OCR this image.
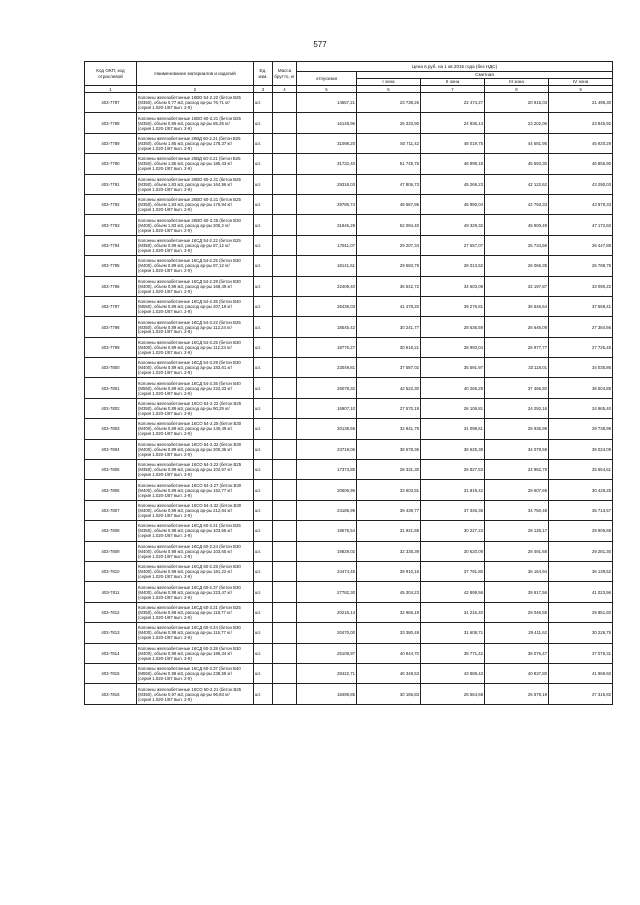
577
Код ОКП, код отраслевой	Наименование материалов и изделий	Ед. изм.	Масса брутто, кг	Цена в руб. на 1 кв 2015 года (без НДС)				
				отпускная	Сметная			
					I зона	II зона	III зона	IV зона
1	2	3	4	5	6	7	8	9
403-7787	Колонны железобетонные 1КВО 54-2.22 (бетон В25
(М350), объем 0,77 м3, расход ар-ры 76,71 кг/
(серия 1.020-1/87 вып. 2-9)	шт.		14557,21	23 738,26	22 474,27	20 915,03	21 495,30
403-7788	Колонны железобетонные 1КВО 60-2.21 (бетон В25
(М350), объем 0,86 м3, расход ар-ры 85,25 кг/
(серия 1.020-1/87 вып. 2-9)	шт.		16148,96	26 333,90	24 936,14	23 202,06	23 845,92
403-7789	Колонны железобетонные 2КВД 60-2.21 (бетон В25
(М350), объем 1,85 м3, расход ар-ры 178,37 кг/
(серия 1.020-1/87 вып. 2-9)	шт.		31098,20	50 711,42	48 019,75	44 681,95	45 920,29
403-7790	Колонны железобетонные 2КВД 60-3.21 (бетон В25
(М350), объем 1,85 м3, расход ар-ры 185,43 кг/
(серия 1.020-1/87 вып. 2-9)	шт.		31732,40	51 745,75	48 999,18	45 593,30	46 856,90
403-7791	Колонны железобетонные 2КВО 60-2.21 (бетон В25
(М350), объем 1,83 м3, расход ар-ры 164,96 кг/
(серия 1.020-1/87 вып. 2-9)	шт.		29318,03	47 806,73	45 269,23	42 122,62	43 290,03
403-7792	Колонны железобетонные 2КВО 60-3.21 (бетон В25
(М350), объем 1,83 м3, расход ар-ры 176,94 кг/
(серия 1.020-1/87 вып. 2-9)	шт.		29785,74	48 567,95	45 990,04	42 793,33	43 979,33
403-7793	Колонны железобетонные 2КВО 60-3.25 (бетон В30
(М400), объем 1,83 м3, расход ар-ры 205,2 кг/
(серия 1.020-1/87 вып. 2-9)	шт.		31946,29	52 094,40	49 329,32	45 900,49	47 172,60
403-7794	Колонны железобетонные 1КСД 54-2.22 (бетон В25
(М350), объем 0,89 м3, расход ар-ры 87,12 кг/
(серия 1.020-1/87 вып. 2-9)	шт.		17811,07	29 207,34	27 657,07	25 734,66	26 447,88
403-7795	Колонны железобетонные 1КСД 54-2.25 (бетон В30
(М400), объем 0,89 м3, расход ар-ры 97,12 кг/
(серия 1.020-1/87 вып. 2-9)	шт.		18141,61	29 583,78	28 013,52	26 066,35	26 788,75
403-7796	Колонны железобетонные 1КСД 54-2.29 (бетон В30
(М400), объем 0,89 м3, расход ар-ры 168,49 кг/
(серия 1.020-1/87 вып. 2-9)	шт.		22409,40	36 542,72	34 603,08	32 197,87	33 090,22
403-7797	Колонны железобетонные 1КСД 54-2.35 (бетон В40
(М550), объем 0,89 м3, расход ар-ры 207,19 кг/
(серия 1.020-1/87 вып. 2-9)	шт.		25436,03	41 478,20	39 276,81	36 546,54	37 559,41
403-7798	Колонны железобетонные 1КСД 54-3.22 (бетон В25
(М350), объем 0,89 м3, расход ар-ры 112,24 кг/
(серия 1.020-1/87 вып. 2-9)	шт.		18545,42	30 241,77	28 636,59	26 646,09	27 384,56
403-7799	Колонны железобетонные 1КСД 54-3.25 (бетон В30
(М400), объем 0,89 м3, расход ар-ры 112,24 кг/
(серия 1.020-1/87 вып. 2-9)	шт.		18776,27	30 618,21	28 993,04	26 977,77	27 725,45
403-7800	Колонны железобетонные 1КСД 54-3.29 (бетон В30
(М400), объем 0,89 м3, расход ар-ры 183,61 кг/
(серия 1.020-1/87 вып. 2-9)	шт.		23049,81	37 587,02	35 591,97	33 118,01	34 035,86
403-7801	Колонны железобетонные 1КСД 54-3.35 (бетон В40
(М550), объем 0,89 м3, расход ар-ры 222,33 кг/
(серия 1.020-1/87 вып. 2-9)	шт.		26078,32	42 522,30	40 265,29	37 466,50	38 504,88
403-7802	Колонны железобетонные 1КСО 54-2.22 (бетон В25
(М350), объем 0,89 м3, расход ар-ры 90,29 кг/
(серия 1.020-1/87 вып. 2-9)	шт.		16907,10	27 570,19	26 106,81	24 292,16	24 965,40
403-7803	Колонны железобетонные 1КСО 54-2.25 (бетон В30
(М400), объем 0,89 м3, расход ар-ры 140,49 кг/
(серия 1.020-1/87 вып. 2-9)	шт.		20139,56	32 841,79	31 098,61	28 936,98	29 738,98
403-7804	Колонны железобетонные 1КСО 54-2.32 (бетон В30
(М400), объем 0,89 м3, расход ар-ры 200,36 кг/
(серия 1.020-1/87 вып. 2-9)	шт.		23719,06	38 678,36	36 625,38	34 079,59	35 024,09
403-7805	Колонны железобетонные 1КСО 54-3.22 (бетон В25
(М350), объем 0,89 м3, расход ар-ры 102,57 кг/
(серия 1.020-1/87 вып. 2-9)	шт.		17373,85	28 331,30	26 827,53	24 962,78	25 654,61
403-7806	Колонны железобетонные 1КСО 54-3.27 (бетон В30
(М400), объем 0,89 м3, расход ар-ры 152,77 кг/
(серия 1.020-1/87 вып. 2-9)	шт.		20606,96	33 603,91	31 819,42	29 607,69	30 428,25
403-7807	Колонны железобетонные 1КСО 54-3.32 (бетон В30
(М400), объем 0,89 м3, расход ар-ры 212,84 кг/
(серия 1.020-1/87 вып. 2-9)	шт.		24185,99	39 439,77	37 346,38	34 750,48	35 713,57
403-7808	Колонны железобетонные 1КСД 60-2.21 (бетон В25
(М350), объем 0,98 м3, расход ар-ры 103,65 кг/
(серия 1.020-1/87 вып. 2-9)	шт.		19575,54	31 921,58	30 227,23	28 126,17	28 905,68
403-7809	Колонны железобетонные 1КСД 60-2.24 (бетон В30
(М400), объем 0,98 м3, расход ар-ры 103,65 кг/
(серия 1.020-1/87 вып. 2-9)	шт.		19829,02	32 335,39	30 620,09	28 491,68	29 281,30
403-7810	Колонны железобетонные 1КСД 60-2.28 (бетон В30
(М400), объем 0,98 м3, расход ар-ры 181,22 кг/
(серия 1.020-1/87 вып. 2-9)	шт.		24474,45	39 910,16	37 791,80	35 164,94	36 139,52
403-7811	Колонны железобетонные 1КСД 60-2.37 (бетон В30
(М400), объем 0,98 м3, расход ар-ры 223,47 кг/
(серия 1.020-1/87 вып. 2-9)	шт.		27782,30	45 304,23	42 899,56	39 917,56	41 023,96
403-7812	Колонны железобетонные 1КСД 60-3.21 (бетон В25
(М350), объем 0,98 м3, расход ар-ры 118,77 кг/
(серия 1.020-1/87 вып. 2-9)	шт.		20216,14	32 966,19	31 216,40	29 046,58	29 851,60
403-7813	Колонны железобетонные 1КСД 60-3.24 (бетон В30
(М400), объем 0,98 м3, расход ар-ры 116,77 кг/
(серия 1.020-1/87 вып. 2-9)	шт.		20470,00	33 380,49	31 608,71	29 411,62	30 226,75
403-7814	Колонны железобетонные 1КСД 60-3.28 (бетон В30
(М400), объем 0,98 м3, расход ар-ры 196,34 кг/
(серия 1.020-1/87 вып. 2-9)	шт.		25108,97	40 944,70	38 771,42	36 076,47	37 076,31
403-7815	Колонны железобетонные 1КСД 60-3.37 (бетон В40
(М550), объем 0,98 м3, расход ар-ры 238,59 кг/
(серия 1.020-1/87 вып. 2-9)	шт.		28422,71	46 348,53	43 888,43	40 837,80	41 969,60
403-7816	Колонны железобетонные 1КСО 60-2.21 (бетон В25
(М350), объем 0,97 м3, расход ар-ры 96,83 кг/
(серия 1.020-1/87 вып. 2-9)	шт.		18498,85	30 165,83	28 564,68	26 579,19	27 315,82
